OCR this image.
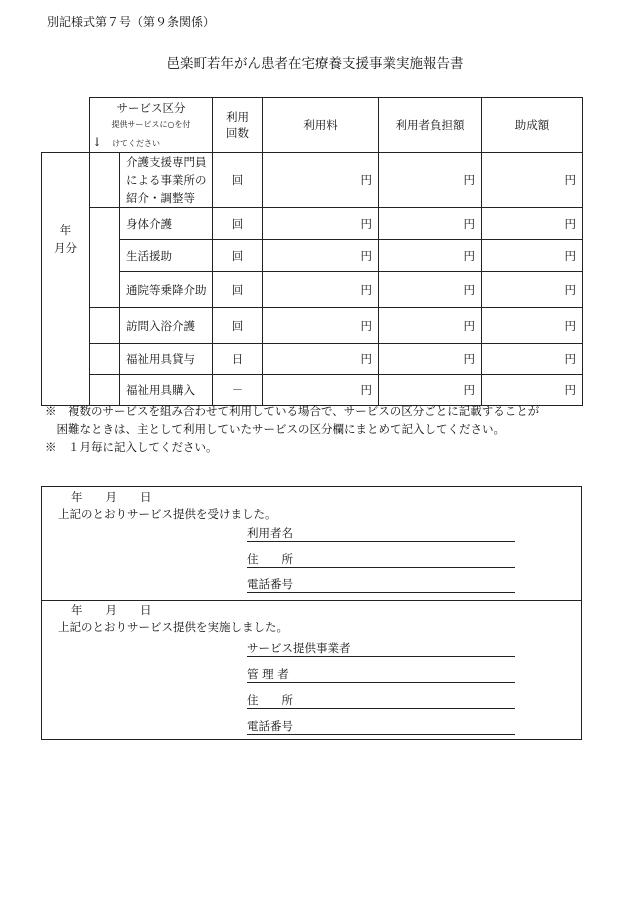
別記様式第７号（第９条関係）
邑楽町若年がん患者在宅療養支援事業実施報告書

	サービス区分
提供サービスに○を付
↓ けてください		利用回数	利用料	利用者負担額	助成額
年
月分		介護支援専門員による事業所の紹介・調整等	回	円	円	円
		身体介護	回	円	円	円
		生活援助	回	円	円	円
		通院等乗降介助	回	円	円	円
		訪問入浴介護	回	円	円	円
		福祉用具貸与	日	円	円	円
		福祉用具購入	－	円	円	円
※　複数のサービスを組み合わせて利用している場合で、サービスの区分ごとに記載することが
　困難なときは、主として利用していたサービスの区分欄にまとめて記入してください。
※　１月毎に記入してください。
年　　月　　日
上記のとおりサービス提供を受けました。
利用者名
住　　所
電話番号
年　　月　　日
上記のとおりサービス提供を実施しました。
サービス提供事業者
管 理 者
住　　所
電話番号
